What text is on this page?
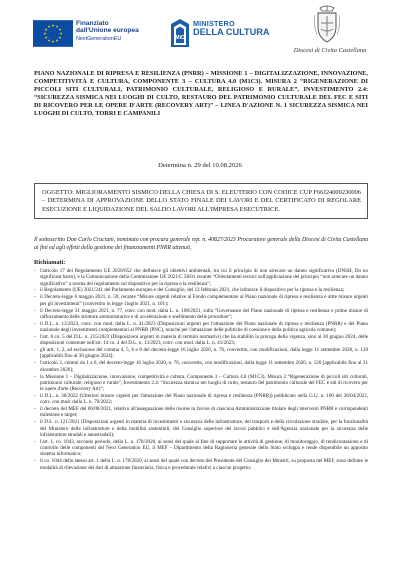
Finanziato
dall'Unione europea
NextGenerationEU	MiC
MINISTERO
DELLA CULTURA
Diocesi di Civita Castellana
PIANO NAZIONALE DI RIPRESA E RESILIENZA (PNRR) – MISSIONE 1 – DIGITALIZZAZIONE, INNOVAZIONE, COMPETITIVITÀ E CULTURA, COMPONENTE 3 – CULTURA 4.0 (M1C3). MISURA 2 “RIGENERAZIONE DI PICCOLI SITI CULTURALI, PATRIMONIO CULTURALE, RELIGIOSO E RURALE”, INVESTIMENTO 2.4: “SICUREZZA SISMICA NEI LUOGHI DI CULTO, RESTAURO DEL PATRIMONIO CULTURALE DEL FEC E SITI DI RICOVERO PER LE OPERE D'ARTE (RECOVERY ART)” – LINEA D'AZIONE N. 1 SICUREZZA SISMICA NEI LUOGHI DI CULTO, TORRI E CAMPANILI
Determina n. 29 del 10.08.2026

OGGETTO: MIGLIORAMENTO SISMICO DELLA CHIESA DI S. ELEUTERIO CON CODICE CUP F66J24000230006 – DETERMINA DI APPROVAZIONE DELLO STATO FINALE DEI LAVORI E DEL CERTIFICATO DI REGOLARE ESECUZIONE E LIQUIDAZIONE DEL SALDO LAVORI ALL'IMPRESA ESECUTRICE.

Il sottoscritto Don Carlo Cruciani, nominato con procura generale rep. n. 40827/2023 Procuratore generale della Diocesi di Civita Castellana ai fini ed agli effetti della gestione dei finanziamenti PNRR attenuti,
Richiamati:
- l'articolo 17 del Regolamento UE 2020/852 che definisce gli obiettivi ambientali, tra cui il principio di non arrecare un danno significativo (DNSH, Do no significant harm), e la Comunicazione della Commissione UE 2021/C 58/01 recante “Orientamenti tecnici sull'applicazione del principio “non arrecare un danno significativo” a norma del regolamento sul dispositivo per la ripresa e la resilienza”;
- il Regolamento (UE) 2021/241 del Parlamento europeo e del Consiglio, del 12 febbraio 2021, che istituisce il dispositivo per la ripresa e la resilienza;
- il Decreto-legge 6 maggio 2021, n. 59, recante “Misure urgenti relative al Fondo complementare al Piano nazionale di ripresa e resilienza e altre misure urgenti per gli investimenti” (convertito in legge 1luglio 2021, n. 101);
- il Decreto-legge 31 maggio 2021, n. 77, conv. con mod. dalla L. n. 108/2021, sulla “Governance del Piano nazionale di ripresa e resilienza e prime misure di rafforzamento delle strutture amministrative e di accelerazione e snellimento delle procedure”;
- il D.L. n. 13/2023, conv. con mod. dalla L. n. 41/2023 (Disposizioni urgenti per l'attuazione del Piano nazionale di ripresa e resilienza (PNRR) e del Piano nazionale degli investimenti complementari al PNRR (PNC), nonché per l'attuazione delle politiche di coesione e della politica agricola comune);
- l'art. 8 co. 5 del D.L. n. 215/2023 (Disposizioni urgenti in materia di termini normativi) che ha stabilito la proroga della vigenza, sino al 30 giugno 2024, delle disposizioni contenute nell'art. 14 co. 4 del D.L. n. 13/2023, conv. con mod. dalla L. n. 41/2023;
- gli artt. 1, 2, ad esclusione del comma 4, 5, 6 e 8 del decreto-legge 16 luglio 2020, n. 76, convertito, con modificazioni, dalla legge 11 settembre 2020, n. 120 [applicabili fino al 30 giugno 2024];
- l'articolo 3, commi da 1 a 6, del decreto-legge 16 luglio 2020, n. 76, convertito, con modificazioni, dalla legge 11 settembre 2020, n. 120 [applicabile fino al 31 dicembre 2026];
- la Missione 1 – Digitalizzazione, innovazione, competitività e cultura, Componente 3 – Cultura 4.0 (M1C3), Misura 2 “Rigenerazione di piccoli siti culturali, patrimonio culturale, religioso e rurale”, Investimento 2.4: “Sicurezza sismica nei luoghi di culto, restauro del patrimonio culturale del FEC e siti di ricovero per le opere d'arte (Recovery Art)”;
- il D.L. n. 36/2022 (Ulteriori misure urgenti per l'attuazione del Piano nazionale di ripresa e resilienza (PNRR)) pubblicato nella G.U. n. 100 del 30/04/2022, conv. con mod. dalla L. n. 79/2022;
- il decreto del MEF del 06/08/2021, relativo all'assegnazione delle risorse in favore di ciascuna Amministrazione titolare degli interventi PNRR e corrispondenti milestone e target;
- il D.L. n. 121/2021 (Disposizioni urgenti in materia di investimenti e sicurezza delle infrastrutture, dei trasporti e della circolazione stradale, per la funzionalità del Ministero delle infrastrutture e della mobilità sostenibili, del Consiglio superiore dei lavori pubblici e dell'Agenzia nazionale per la sicurezza delle infrastrutture stradali e autostradali);
- l'art. 1, co. 1043, secondo periodo, della L. n. 178/2020, ai sensi del quale al fine di supportare le attività di gestione, di monitoraggio, di rendicontazione e di controllo delle componenti del Next Generation EU, il MEF – Dipartimento della Ragioneria generale dello Stato sviluppa e rende disponibile un apposito sistema informatico;
- il co. 1044 dello stesso art. 1 della L. n. 178/2020, ai sensi del quale con decreto del Presidente del Consiglio dei Ministri, su proposta del MEF, sono definite le modalità di rilevazione dei dati di attuazione finanziaria, fisica e procedurale relativi a ciascun progetto;
